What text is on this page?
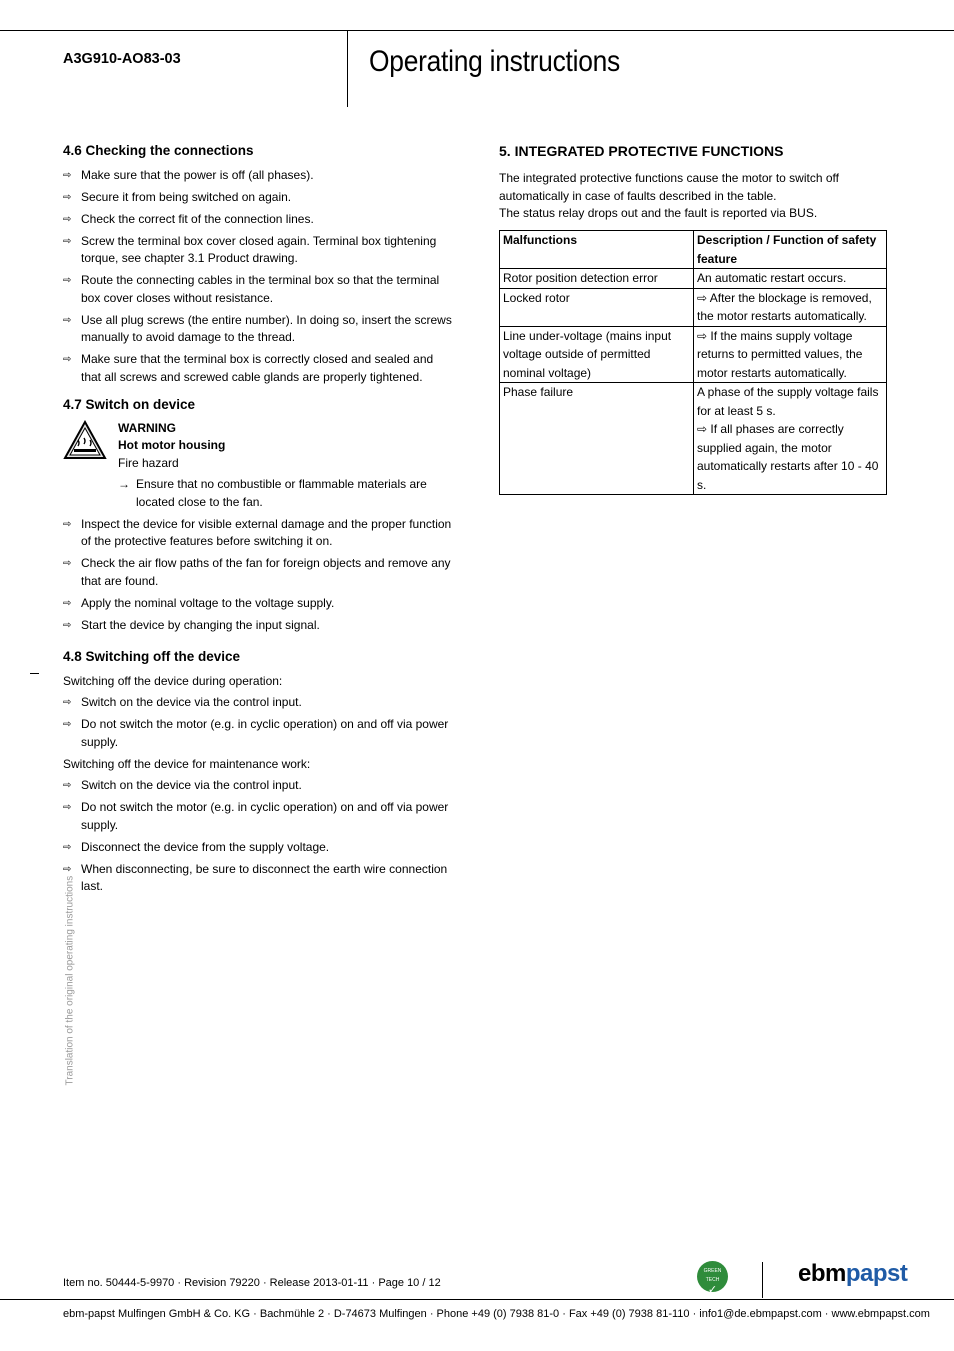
A3G910-AO83-03	Operating instructions
4.6 Checking the connections
⇨ Make sure that the power is off (all phases).
⇨ Secure it from being switched on again.
⇨ Check the correct fit of the connection lines.
⇨ Screw the terminal box cover closed again. Terminal box tightening torque, see chapter 3.1 Product drawing.
⇨ Route the connecting cables in the terminal box so that the terminal box cover closes without resistance.
⇨ Use all plug screws (the entire number). In doing so, insert the screws manually to avoid damage to the thread.
⇨ Make sure that the terminal box is correctly closed and sealed and that all screws and screwed cable glands are properly tightened.
4.7 Switch on device
WARNING
Hot motor housing
Fire hazard
→ Ensure that no combustible or flammable materials are located close to the fan.
⇨ Inspect the device for visible external damage and the proper function of the protective features before switching it on.
⇨ Check the air flow paths of the fan for foreign objects and remove any that are found.
⇨ Apply the nominal voltage to the voltage supply.
⇨ Start the device by changing the input signal.
4.8 Switching off the device
Switching off the device during operation:
⇨ Switch on the device via the control input.
⇨ Do not switch the motor (e.g. in cyclic operation) on and off via power supply.
Switching off the device for maintenance work:
⇨ Switch on the device via the control input.
⇨ Do not switch the motor (e.g. in cyclic operation) on and off via power supply.
⇨ Disconnect the device from the supply voltage.
⇨ When disconnecting, be sure to disconnect the earth wire connection last.
5. INTEGRATED PROTECTIVE FUNCTIONS
The integrated protective functions cause the motor to switch off automatically in case of faults described in the table.
The status relay drops out and the fault is reported via BUS.
Malfunctions	Description / Function of safety feature
Rotor position detection error	An automatic restart occurs.
Locked rotor	⇨ After the blockage is removed, the motor restarts automatically.
Line under-voltage (mains input voltage outside of permitted nominal voltage)	⇨ If the mains supply voltage returns to permitted values, the motor restarts automatically.
Phase failure	A phase of the supply voltage fails for at least 5 s.
⇨ If all phases are correctly supplied again, the motor automatically restarts after 10 - 40 s.
Translation of the original operating instructions
Item no. 50444-5-9970 · Revision 79220 · Release 2013-01-11 · Page 10 / 12
GREEN TECH
✓
ebmpapst
ebm-papst Mulfingen GmbH & Co. KG · Bachmühle 2 · D-74673 Mulfingen · Phone +49 (0) 7938 81-0 · Fax +49 (0) 7938 81-110 · info1@de.ebmpapst.com · www.ebmpapst.com
